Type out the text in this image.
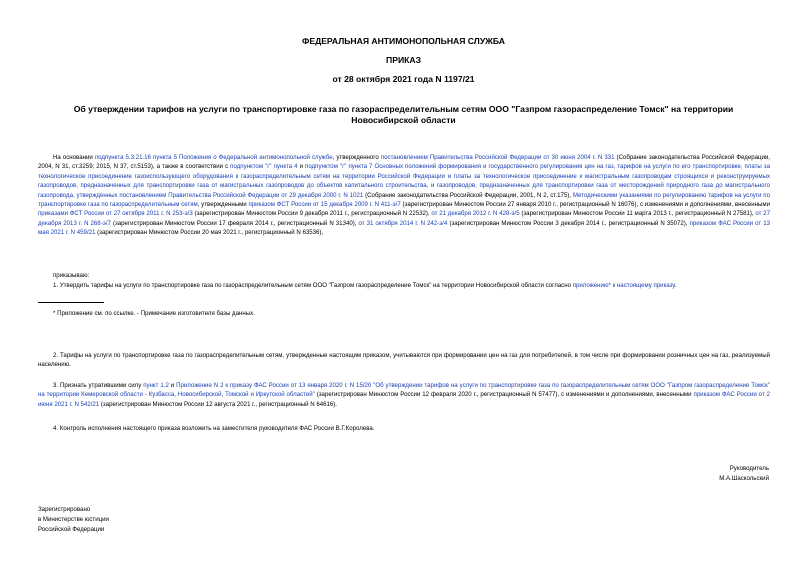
ФЕДЕРАЛЬНАЯ АНТИМОНОПОЛЬНАЯ СЛУЖБА
ПРИКАЗ
от 28 октября 2021 года N 1197/21
Об утверждении тарифов на услуги по транспортировке газа по газораспределительным сетям ООО "Газпром газораспределение Томск" на территории Новосибирской области
На основании подпункта 5.3.21.16 пункта 5 Положения о Федеральной антимонопольной службе, утвержденного постановлением Правительства Российской Федерации от 30 июня 2004 г. N 331 (Собрание законодательства Российской Федерации, 2004, N 31, ст.3259; 2015, N 37, ст.5153), а также в соответствии с подпунктом "г" пункта 4 и подпунктом "г" пункта 7 Основных положений формирования и государственного регулирования цен на газ, тарифов на услуги по его транспортировке, платы за технологическое присоединение газоиспользующего оборудования к газораспределительным сетям на территории Российской Федерации и платы за технологическое присоединение к магистральным газопроводам строящихся и реконструируемых газопроводов, предназначенных для транспортировки газа от магистральных газопроводов до объектов капитального строительства, и газопроводов, предназначенных для транспортировки газа от месторождений природного газа до магистрального газопровода, утвержденных постановлением Правительства Российской Федерации от 29 декабря 2000 г. N 1021 (Собрание законодательства Российской Федерации, 2001, N 2, ст.175), Методическими указаниями по регулированию тарифов на услуги по транспортировке газа по газораспределительным сетям, утвержденными приказом ФСТ России от 15 декабря 2009 г. N 411-э/7 (зарегистрирован Минюстом России 27 января 2010 г., регистрационный N 16076), с изменениями и дополнениями, внесенными приказами ФСТ России от 27 октября 2011 г. N 253-э/3 (зарегистрирован Минюстом России 9 декабря 2011 г., регистрационный N 22532), от 21 декабря 2012 г. N 428-э/5 (зарегистрирован Минюстом России 11 марта 2013 г., регистрационный N 27581), от 27 декабря 2013 г. N 268-э/7 (зарегистрирован Минюстом России 17 февраля 2014 г., регистрационный N 31340), от 31 октября 2014 г. N 242-э/4 (зарегистрирован Минюстом России 3 декабря 2014 г., регистрационный N 35072), приказом ФАС России от 13 мая 2021 г. N 459/21 (зарегистрирован Минюстом России 20 мая 2021 г., регистрационный N 63536),
приказываю:
1. Утвердить тарифы на услуги по транспортировке газа по газораспределительным сетям ООО "Газпром газораспределение Томск" на территории Новосибирской области согласно приложению* к настоящему приказу.
* Приложение см. по ссылке. - Примечание изготовителя базы данных.
2. Тарифы на услуги по транспортировке газа по газораспределительным сетям, утвержденные настоящим приказом, учитываются при формировании цен на газ для потребителей, в том числе при формировании розничных цен на газ, реализуемый населению.
3. Признать утратившими силу пункт 1.2 и Приложение N 2 к приказу ФАС России от 13 января 2020 г. N 15/20 "Об утверждении тарифов на услуги по транспортировке газа по газораспределительным сетям ООО "Газпром газораспределение Томск" на территории Кемеровской области - Кузбасса, Новосибирской, Томской и Иркутской областей" (зарегистрирован Минюстом России 12 февраля 2020 г., регистрационный N 57477), с изменениями и дополнениями, внесенными приказом ФАС России от 2 июня 2021 г. N 542/21 (зарегистрирован Минюстом России 12 августа 2021 г., регистрационный N 64616).
4. Контроль исполнения настоящего приказа возложить на заместителя руководителя ФАС России В.Г.Королева.
Руководитель
М.А.Шаскольский
Зарегистрировано
в Министерстве юстиции
Российской Федерации
